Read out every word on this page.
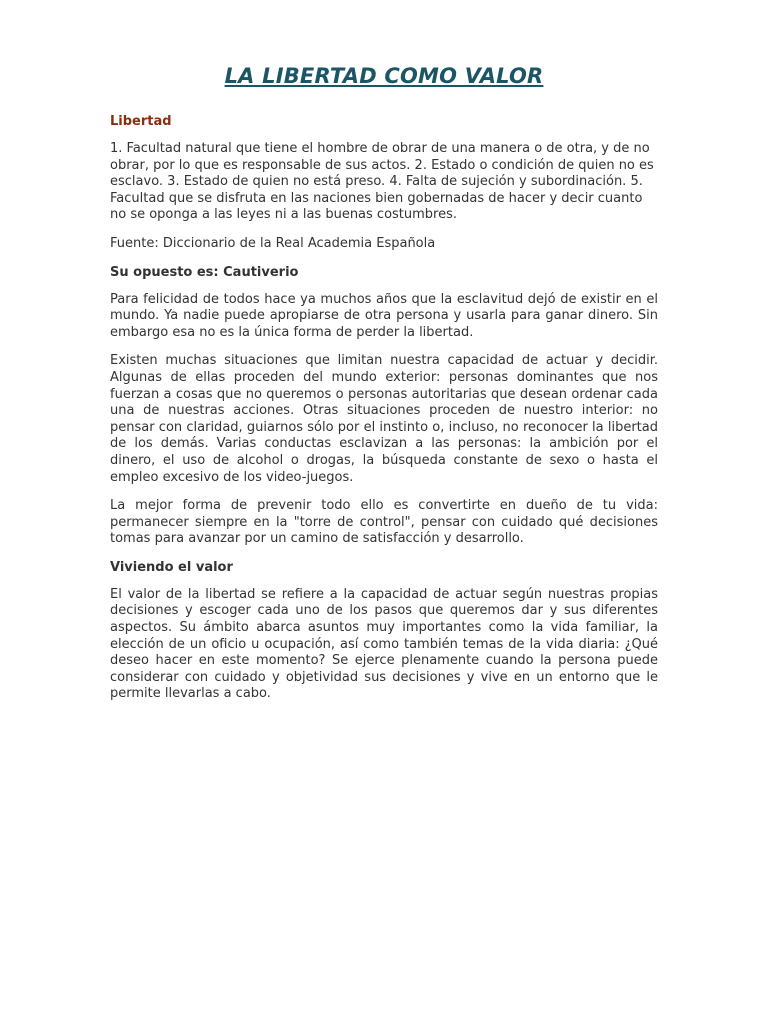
LA LIBERTAD COMO VALOR
Libertad

1. Facultad natural que tiene el hombre de obrar de una manera o de otra, y de no obrar, por lo que es responsable de sus actos. 2. Estado o condición de quien no es esclavo. 3. Estado de quien no está preso. 4. Falta de sujeción y subordinación. 5. Facultad que se disfruta en las naciones bien gobernadas de hacer y decir cuanto no se oponga a las leyes ni a las buenas costumbres.

Fuente: Diccionario de la Real Academia Española

Su opuesto es: Cautiverio

Para felicidad de todos hace ya muchos años que la esclavitud dejó de existir en el mundo. Ya nadie puede apropiarse de otra persona y usarla para ganar dinero. Sin embargo esa no es la única forma de perder la libertad.

Existen muchas situaciones que limitan nuestra capacidad de actuar y decidir. Algunas de ellas proceden del mundo exterior: personas dominantes que nos fuerzan a cosas que no queremos o personas autoritarias que desean ordenar cada una de nuestras acciones. Otras situaciones proceden de nuestro interior: no pensar con claridad, guiarnos sólo por el instinto o, incluso, no reconocer la libertad de los demás. Varias conductas esclavizan a las personas: la ambición por el dinero, el uso de alcohol o drogas, la búsqueda constante de sexo o hasta el empleo excesivo de los video-juegos.

La mejor forma de prevenir todo ello es convertirte en dueño de tu vida: permanecer siempre en la "torre de control", pensar con cuidado qué decisiones tomas para avanzar por un camino de satisfacción y desarrollo.

Viviendo el valor

El valor de la libertad se refiere a la capacidad de actuar según nuestras propias decisiones y escoger cada uno de los pasos que queremos dar y sus diferentes aspectos. Su ámbito abarca asuntos muy importantes como la vida familiar, la elección de un oficio u ocupación, así como también temas de la vida diaria: ¿Qué deseo hacer en este momento? Se ejerce plenamente cuando la persona puede considerar con cuidado y objetividad sus decisiones y vive en un entorno que le permite llevarlas a cabo.
